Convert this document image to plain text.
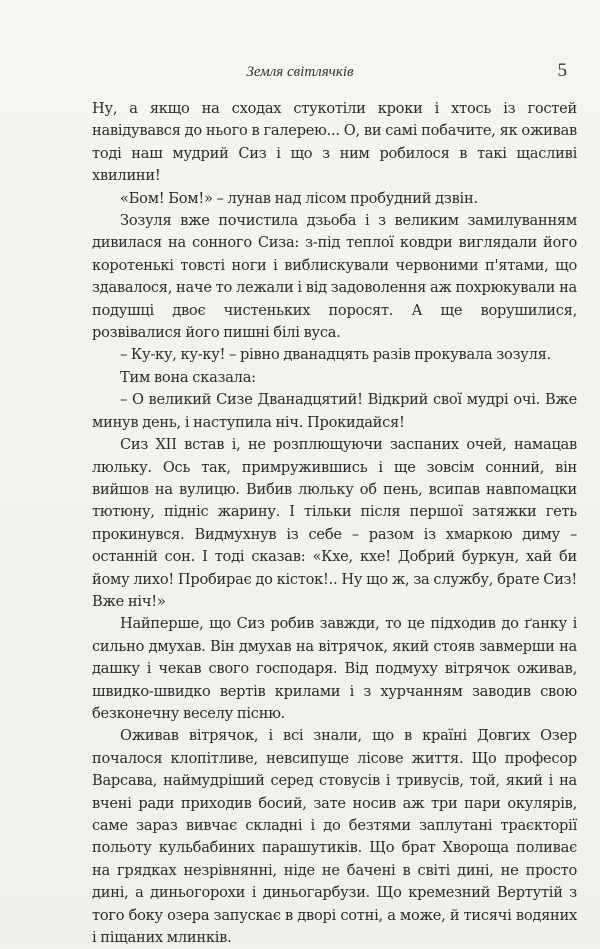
Земля світлячків	5

Ну, а якщо на сходах стукотіли кроки і хтось із гостей навідувався до нього в галерею... О, ви самі побачите, як оживав тоді наш мудрий Сиз і що з ним робилося в такі щасливі хвилини!

«Бом! Бом!» – лунав над лісом пробудний дзвін.

Зозуля вже почистила дзьоба і з великим замилуванням дивилася на сонного Сиза: з-під теплої ковдри виглядали його коротенькі товсті ноги і виблискували червоними п'ятами, що здавалося, наче то лежали і від задоволення аж похрюкували на подушці двоє чистеньких поросят. А ще ворушилися, розвівалися його пишні білі вуса.

– Ку-ку, ку-ку! – рівно дванадцять разів прокувала зозуля.

Тим вона сказала:

– О великий Сизе Дванадцятий! Відкрий свої мудрі очі. Вже минув день, і наступила ніч. Прокидайся!

Сиз ХІІ встав і, не розплющуючи заспаних очей, намацав люльку. Ось так, примружившись і ще зовсім сонний, він вийшов на вулицю. Вибив люльку об пень, всипав навпомацки тютюну, підніс жарину. І тільки після першої затяжки геть прокинувся. Видмухнув із себе – разом із хмаркою диму – останній сон. І тоді сказав: «Кхе, кхе! Добрий буркун, хай би йому лихо! Пробирає до кісток!.. Ну що ж, за службу, брате Сиз! Вже ніч!»

Найперше, що Сиз робив завжди, то це підходив до ґанку і сильно дмухав. Він дмухав на вітрячок, який стояв завмерши на дашку і чекав свого господаря. Від подмуху вітрячок оживав, швидко-швидко вертів крилами і з хурчанням заводив свою безконечну веселу пісню.

Оживав вітрячок, і всі знали, що в країні Довгих Озер почалося клопітливе, невсипуще лісове життя. Що професор Варсава, наймудріший серед стовусів і тривусів, той, який і на вчені ради приходив босий, зате носив аж три пари окулярів, саме зараз вивчає складні і до безтями заплутані траєкторії польоту кульбабиних парашутиків. Що брат Хвороща поливає на грядках незрівнянні, ніде не бачені в світі дині, не просто дині, а диньогорохи і диньогарбузи. Що кремезний Вертутій з того боку озера запускає в дворі сотні, а може, й тисячі водяних і піщаних млинків.
